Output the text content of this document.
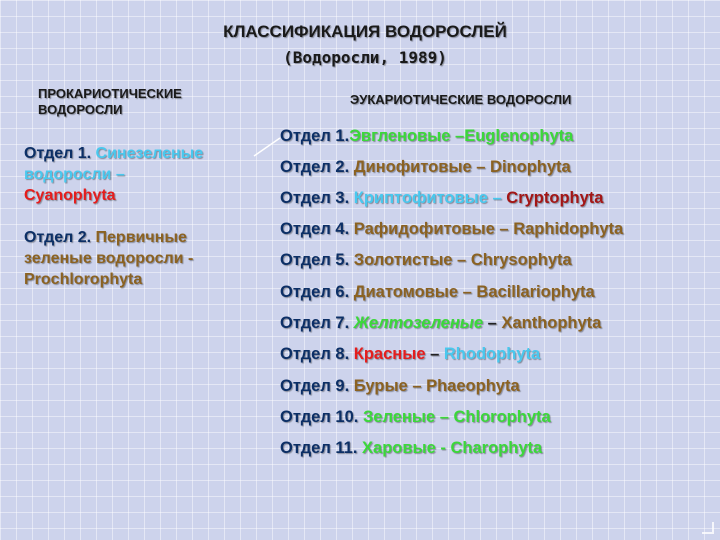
КЛАССИФИКАЦИЯ ВОДОРОСЛЕЙ
(Водоросли, 1989)
ПРОКАРИОТИЧЕСКИЕ
ВОДОРОСЛИ
Отдел 1. Синезеленые
водоросли –
Cyanophyta
Отдел 2. Первичные
зеленые водоросли -
Prochlorophyta
ЭУКАРИОТИЧЕСКИЕ ВОДОРОСЛИ
Отдел 1.Эвгленовые –Euglenophyta
Отдел 2. Динофитовые – Dinophyta
Отдел 3. Криптофитовые – Cryptophyta
Отдел 4. Рафидофитовые – Raphidophyta
Отдел 5. Золотистые – Chrysophyta
Отдел 6. Диатомовые – Bacillariophyta
Отдел 7. Желтозеленые – Xanthophyta
Отдел 8. Красные – Rhodophyta
Отдел 9. Бурые – Phaeophyta
Отдел 10. Зеленые – Chlorophyta
Отдел 11. Харовые - Charophyta
